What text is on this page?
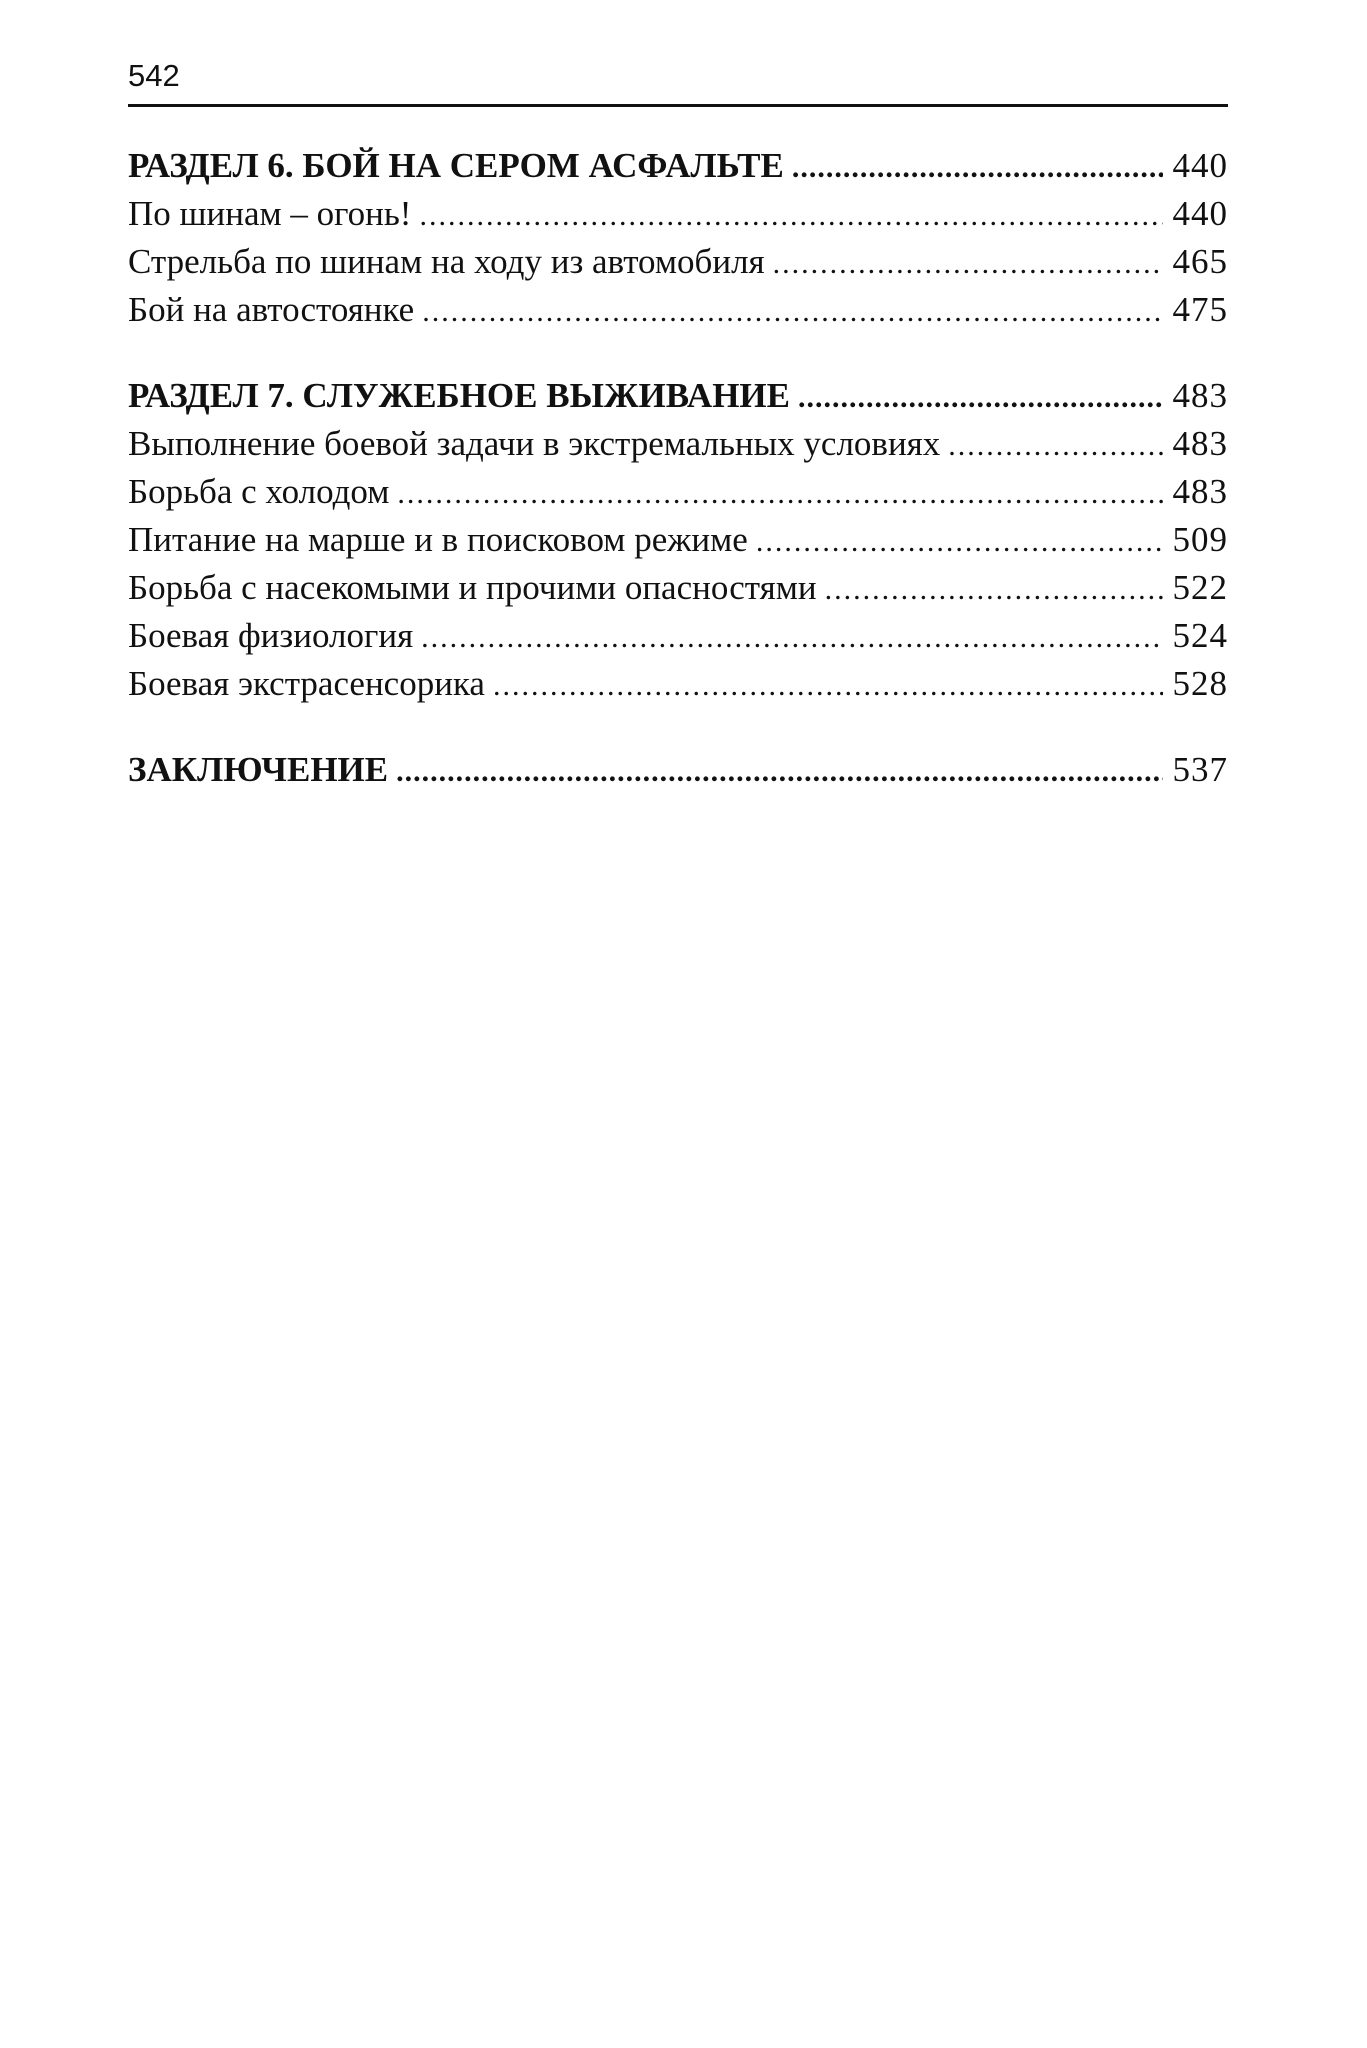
542
РАЗДЕЛ 6. БОЙ НА СЕРОМ АСФАЛЬТЕ .....	440
По шинам – огонь! .....	440
Стрельба по шинам на ходу из автомобиля .....	465
Бой на автостоянке .....	475
РАЗДЕЛ 7. СЛУЖЕБНОЕ ВЫЖИВАНИЕ .....	483
Выполнение боевой задачи в экстремальных условиях .....	483
Борьба с холодом .....	483
Питание на марше и в поисковом режиме .....	509
Борьба с насекомыми и прочими опасностями .....	522
Боевая физиология .....	524
Боевая экстрасенсорика .....	528
ЗАКЛЮЧЕНИЕ .....	537
